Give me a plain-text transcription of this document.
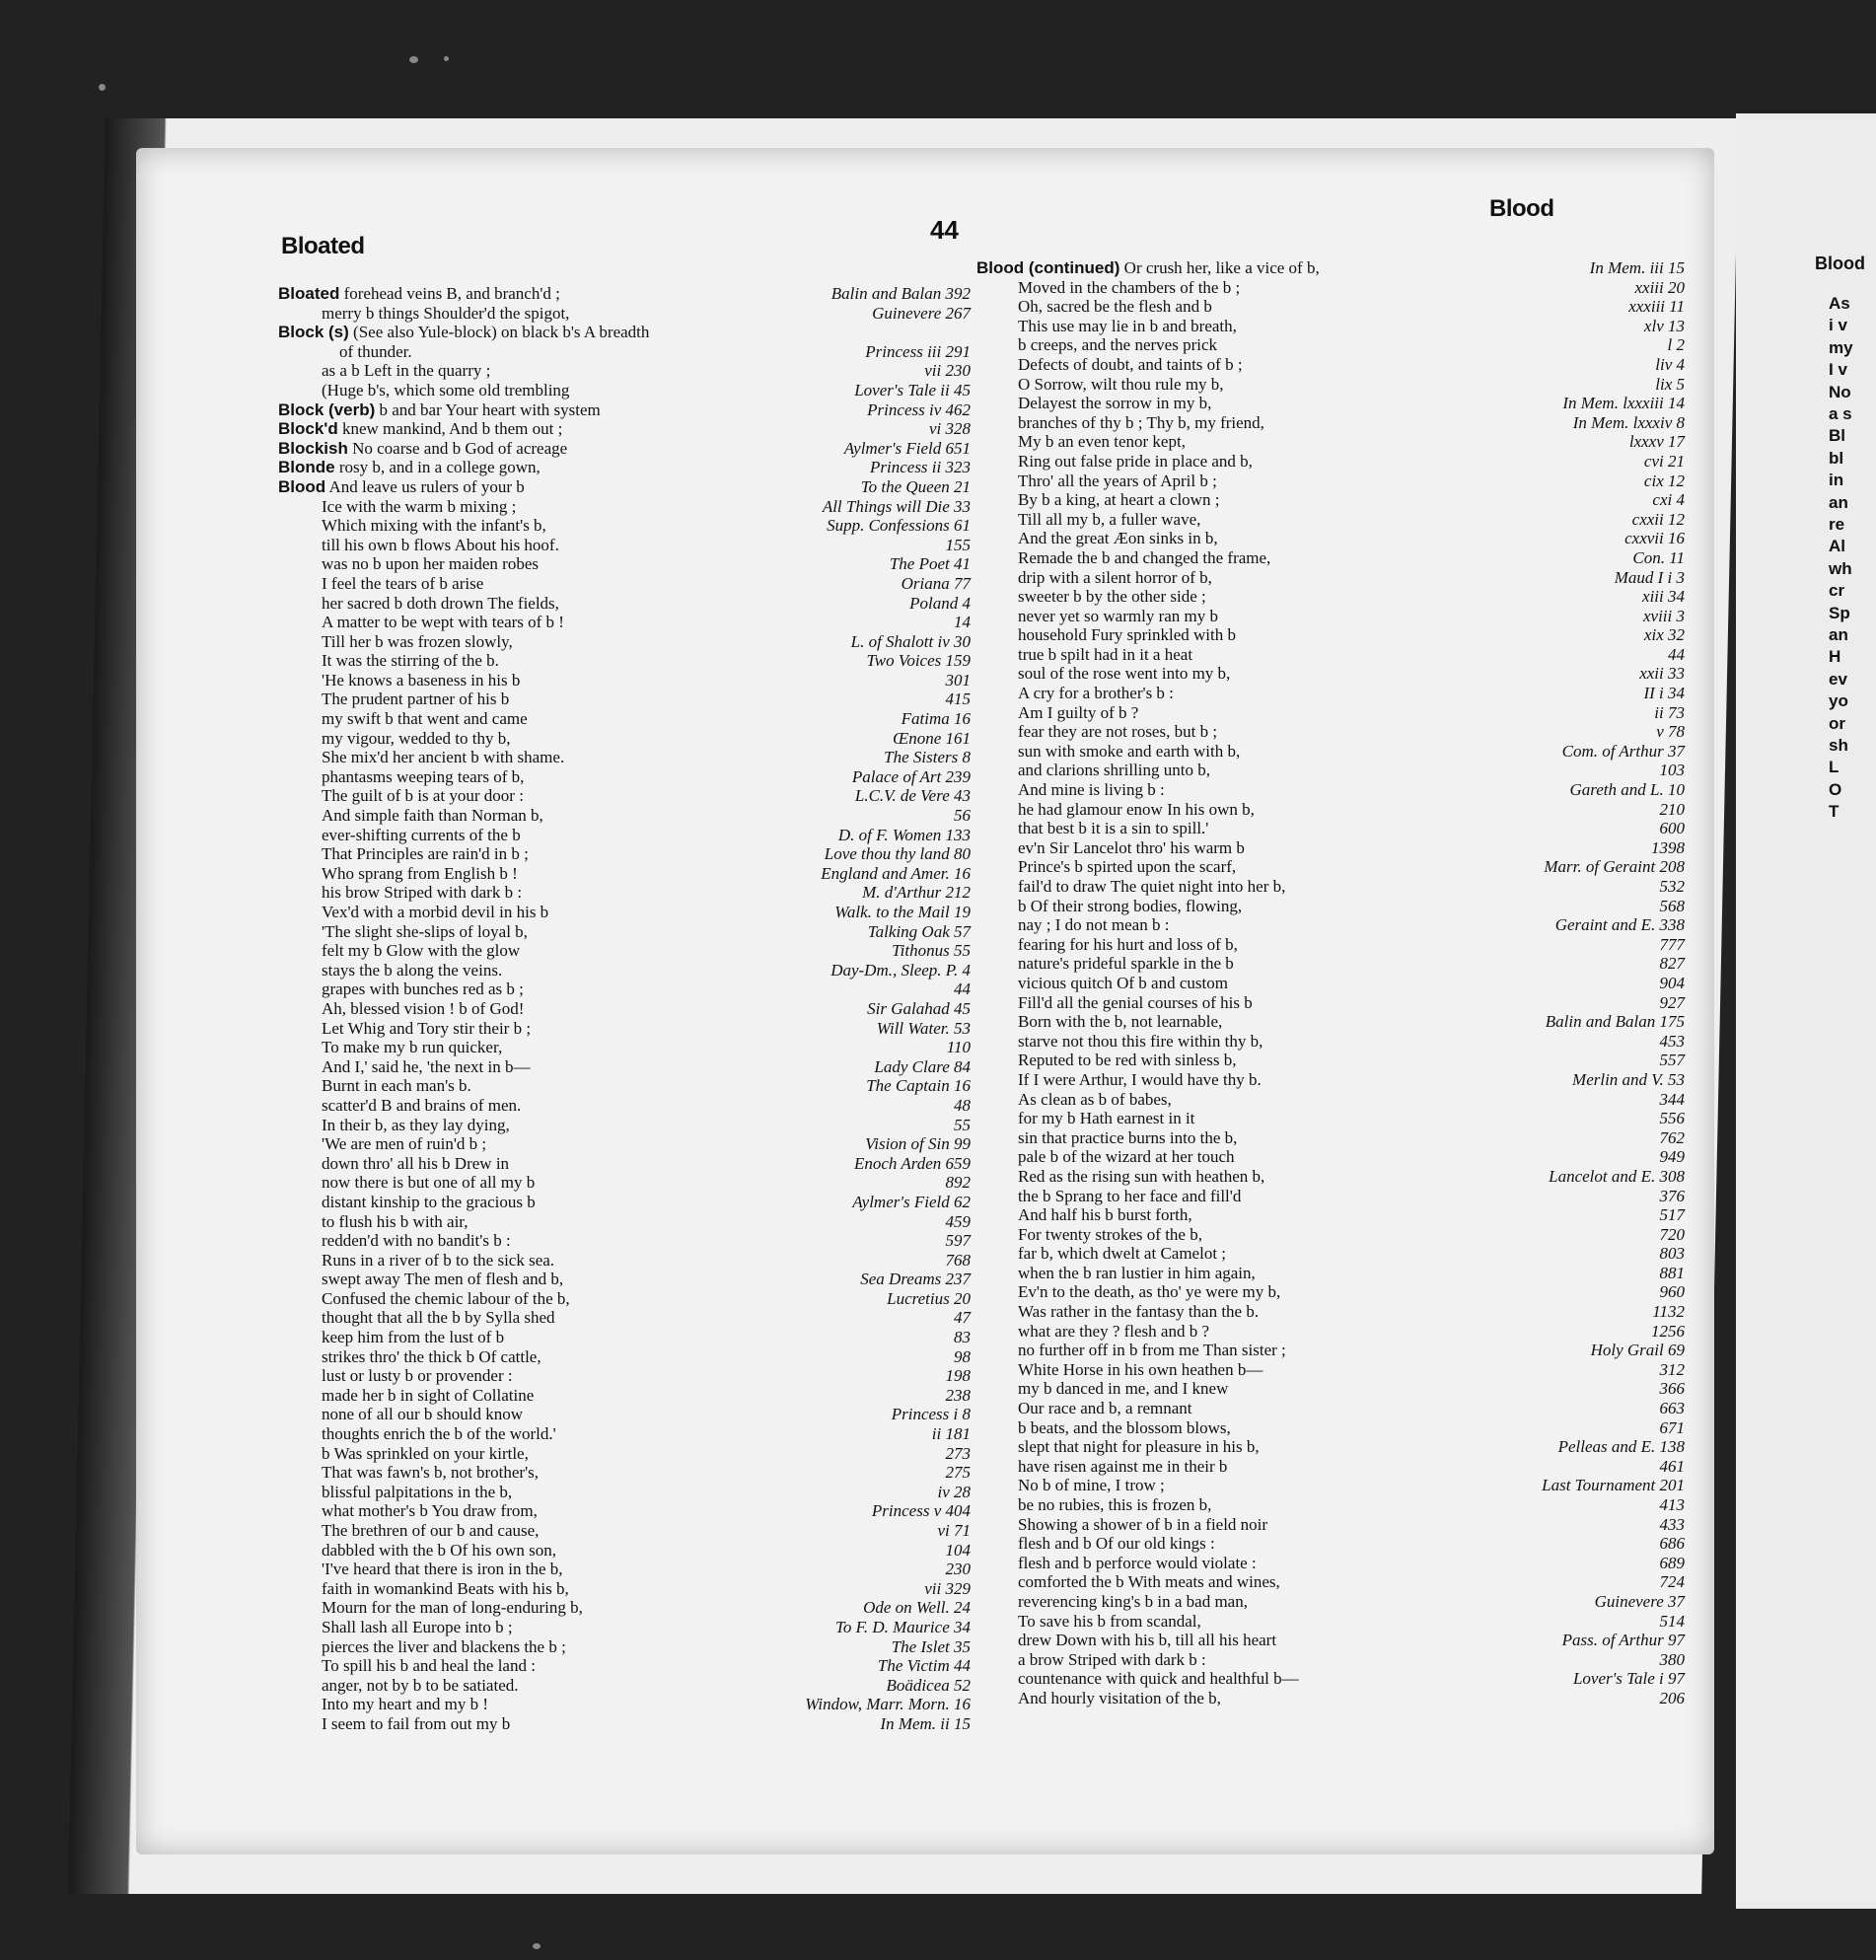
Blood
As
i v
my
I v
No
a s
Bl
bl
in
an
re
Al
wh
cr
Sp
an
H
ev
yo
or
sh
L
O
T
Bloated
44
Blood
Bloated forehead veins B, and branch'd ;	Balin and Balan 392
merry b things Shoulder'd the spigot,	Guinevere 267
Block (s) (See also Yule-block) on black b's A breadth
of thunder.	Princess iii 291
as a b Left in the quarry ;	vii 230
(Huge b's, which some old trembling	Lover's Tale ii 45
Block (verb) b and bar Your heart with system	Princess iv 462
Block'd knew mankind, And b them out ;	vi 328
Blockish No coarse and b God of acreage	Aylmer's Field 651
Blonde rosy b, and in a college gown,	Princess ii 323
Blood And leave us rulers of your b	To the Queen 21
Ice with the warm b mixing ;	All Things will Die 33
Which mixing with the infant's b,	Supp. Confessions 61
till his own b flows About his hoof.	155
was no b upon her maiden robes	The Poet 41
I feel the tears of b arise	Oriana 77
her sacred b doth drown The fields,	Poland 4
A matter to be wept with tears of b !	14
Till her b was frozen slowly,	L. of Shalott iv 30
It was the stirring of the b.	Two Voices 159
'He knows a baseness in his b	301
The prudent partner of his b	415
my swift b that went and came	Fatima 16
my vigour, wedded to thy b,	Œnone 161
She mix'd her ancient b with shame.	The Sisters 8
phantasms weeping tears of b,	Palace of Art 239
The guilt of b is at your door :	L.C.V. de Vere 43
And simple faith than Norman b,	56
ever-shifting currents of the b	D. of F. Women 133
That Principles are rain'd in b ;	Love thou thy land 80
Who sprang from English b !	England and Amer. 16
his brow Striped with dark b :	M. d'Arthur 212
Vex'd with a morbid devil in his b	Walk. to the Mail 19
'The slight she-slips of loyal b,	Talking Oak 57
felt my b Glow with the glow	Tithonus 55
stays the b along the veins.	Day-Dm., Sleep. P. 4
grapes with bunches red as b ;	44
Ah, blessed vision ! b of God!	Sir Galahad 45
Let Whig and Tory stir their b ;	Will Water. 53
To make my b run quicker,	110
And I,' said he, 'the next in b—	Lady Clare 84
Burnt in each man's b.	The Captain 16
scatter'd B and brains of men.	48
In their b, as they lay dying,	55
'We are men of ruin'd b ;	Vision of Sin 99
down thro' all his b Drew in	Enoch Arden 659
now there is but one of all my b	892
distant kinship to the gracious b	Aylmer's Field 62
to flush his b with air,	459
redden'd with no bandit's b :	597
Runs in a river of b to the sick sea.	768
swept away The men of flesh and b,	Sea Dreams 237
Confused the chemic labour of the b,	Lucretius 20
thought that all the b by Sylla shed	47
keep him from the lust of b	83
strikes thro' the thick b Of cattle,	98
lust or lusty b or provender :	198
made her b in sight of Collatine	238
none of all our b should know	Princess i 8
thoughts enrich the b of the world.'	ii 181
b Was sprinkled on your kirtle,	273
That was fawn's b, not brother's,	275
blissful palpitations in the b,	iv 28
what mother's b You draw from,	Princess v 404
The brethren of our b and cause,	vi 71
dabbled with the b Of his own son,	104
'I've heard that there is iron in the b,	230
faith in womankind Beats with his b,	vii 329
Mourn for the man of long-enduring b,	Ode on Well. 24
Shall lash all Europe into b ;	To F. D. Maurice 34
pierces the liver and blackens the b ;	The Islet 35
To spill his b and heal the land :	The Victim 44
anger, not by b to be satiated.	Boädicea 52
Into my heart and my b !	Window, Marr. Morn. 16
I seem to fail from out my b	In Mem. ii 15
Blood (continued) Or crush her, like a vice of b,	In Mem. iii 15
Moved in the chambers of the b ;	xxiii 20
Oh, sacred be the flesh and b	xxxiii 11
This use may lie in b and breath,	xlv 13
b creeps, and the nerves prick	l 2
Defects of doubt, and taints of b ;	liv 4
O Sorrow, wilt thou rule my b,	lix 5
Delayest the sorrow in my b,	In Mem. lxxxiii 14
branches of thy b ; Thy b, my friend,	In Mem. lxxxiv 8
My b an even tenor kept,	lxxxv 17
Ring out false pride in place and b,	cvi 21
Thro' all the years of April b ;	cix 12
By b a king, at heart a clown ;	cxi 4
Till all my b, a fuller wave,	cxxii 12
And the great Æon sinks in b,	cxxvii 16
Remade the b and changed the frame,	Con. 11
drip with a silent horror of b,	Maud I i 3
sweeter b by the other side ;	xiii 34
never yet so warmly ran my b	xviii 3
household Fury sprinkled with b	xix 32
true b spilt had in it a heat	44
soul of the rose went into my b,	xxii 33
A cry for a brother's b :	II i 34
Am I guilty of b ?	ii 73
fear they are not roses, but b ;	v 78
sun with smoke and earth with b,	Com. of Arthur 37
and clarions shrilling unto b,	103
And mine is living b :	Gareth and L. 10
he had glamour enow In his own b,	210
that best b it is a sin to spill.'	600
ev'n Sir Lancelot thro' his warm b	1398
Prince's b spirted upon the scarf,	Marr. of Geraint 208
fail'd to draw The quiet night into her b,	532
b Of their strong bodies, flowing,	568
nay ; I do not mean b :	Geraint and E. 338
fearing for his hurt and loss of b,	777
nature's prideful sparkle in the b	827
vicious quitch Of b and custom	904
Fill'd all the genial courses of his b	927
Born with the b, not learnable,	Balin and Balan 175
starve not thou this fire within thy b,	453
Reputed to be red with sinless b,	557
If I were Arthur, I would have thy b.	Merlin and V. 53
As clean as b of babes,	344
for my b Hath earnest in it	556
sin that practice burns into the b,	762
pale b of the wizard at her touch	949
Red as the rising sun with heathen b,	Lancelot and E. 308
the b Sprang to her face and fill'd	376
And half his b burst forth,	517
For twenty strokes of the b,	720
far b, which dwelt at Camelot ;	803
when the b ran lustier in him again,	881
Ev'n to the death, as tho' ye were my b,	960
Was rather in the fantasy than the b.	1132
what are they ? flesh and b ?	1256
no further off in b from me Than sister ;	Holy Grail 69
White Horse in his own heathen b—	312
my b danced in me, and I knew	366
Our race and b, a remnant	663
b beats, and the blossom blows,	671
slept that night for pleasure in his b,	Pelleas and E. 138
have risen against me in their b	461
No b of mine, I trow ;	Last Tournament 201
be no rubies, this is frozen b,	413
Showing a shower of b in a field noir	433
flesh and b Of our old kings :	686
flesh and b perforce would violate :	689
comforted the b With meats and wines,	724
reverencing king's b in a bad man,	Guinevere 37
To save his b from scandal,	514
drew Down with his b, till all his heart	Pass. of Arthur 97
a brow Striped with dark b :	380
countenance with quick and healthful b—	Lover's Tale i 97
And hourly visitation of the b,	206
